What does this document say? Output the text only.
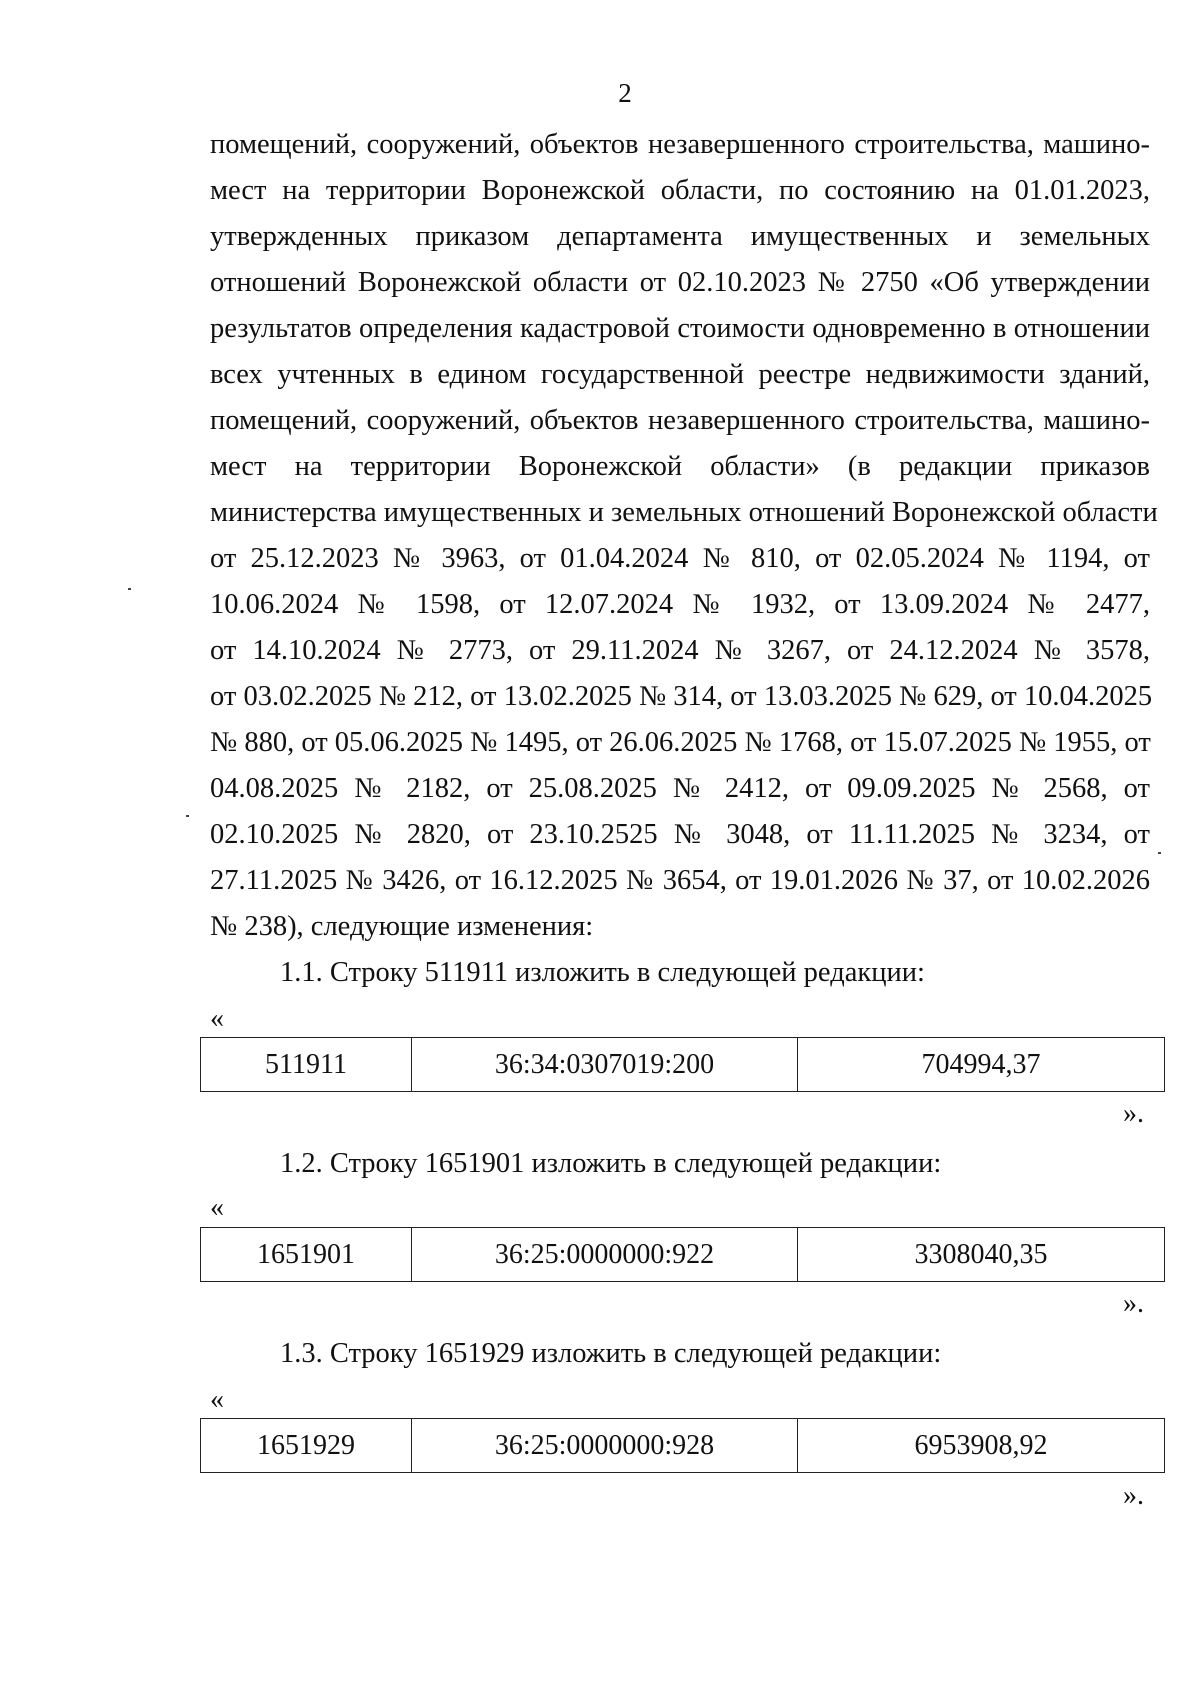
2
помещений, сооружений, объектов незавершенного строительства, машино-
мест на территории Воронежской области, по состоянию на 01.01.2023,
утвержденных приказом департамента имущественных и земельных
отношений Воронежской области от 02.10.2023 № 2750 «Об утверждении
результатов определения кадастровой стоимости одновременно в отношении
всех учтенных в едином государственной реестре недвижимости зданий,
помещений, сооружений, объектов незавершенного строительства, машино-
мест на территории Воронежской области» (в редакции приказов
министерства имущественных и земельных отношений Воронежской области
от 25.12.2023 № 3963, от 01.04.2024 № 810, от 02.05.2024 № 1194, от
10.06.2024 № 1598, от 12.07.2024 № 1932, от 13.09.2024 № 2477,
от 14.10.2024 № 2773, от 29.11.2024 № 3267, от 24.12.2024 № 3578,
от 03.02.2025 № 212, от 13.02.2025 № 314, от 13.03.2025 № 629, от 10.04.2025
№ 880, от 05.06.2025 № 1495, от 26.06.2025 № 1768, от 15.07.2025 № 1955, от
04.08.2025 № 2182, от 25.08.2025 № 2412, от 09.09.2025 № 2568, от
02.10.2025 № 2820, от 23.10.2525 № 3048, от 11.11.2025 № 3234, от
27.11.2025 № 3426, от 16.12.2025 № 3654, от 19.01.2026 № 37, от 10.02.2026
№ 238), следующие изменения:
1.1. Строку 511911 изложить в следующей редакции:
«
511911	36:34:0307019:200	704994,37
».
1.2. Строку 1651901 изложить в следующей редакции:
«
1651901	36:25:0000000:922	3308040,35
».
1.3. Строку 1651929 изложить в следующей редакции:
«
1651929	36:25:0000000:928	6953908,92
».
